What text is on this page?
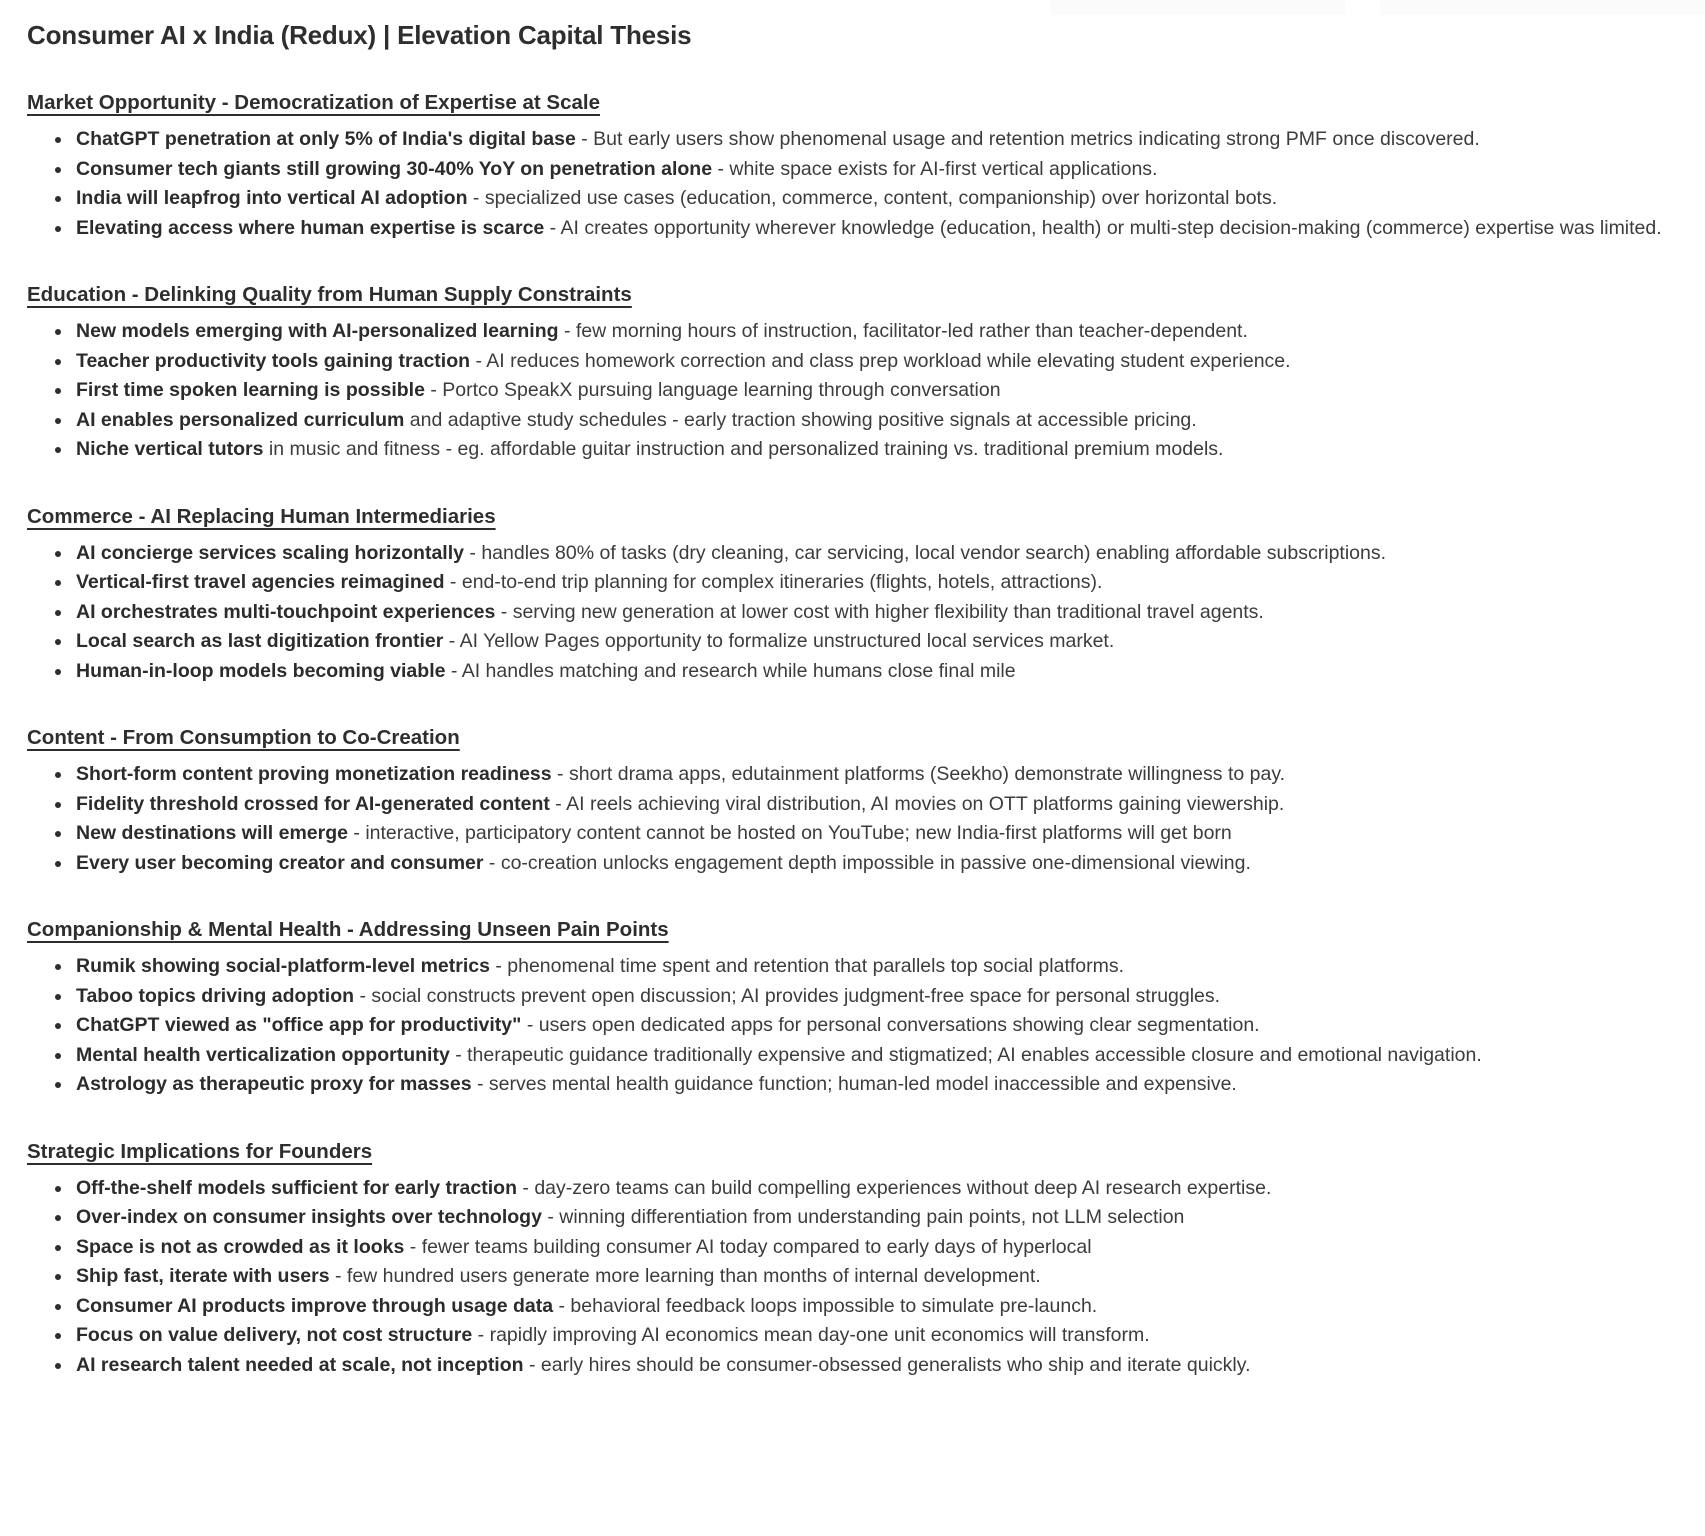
Consumer AI x India (Redux) | Elevation Capital Thesis
Market Opportunity - Democratization of Expertise at Scale
• ChatGPT penetration at only 5% of India's digital base - But early users show phenomenal usage and retention metrics indicating strong PMF once discovered.
• Consumer tech giants still growing 30-40% YoY on penetration alone - white space exists for AI-first vertical applications.
• India will leapfrog into vertical AI adoption - specialized use cases (education, commerce, content, companionship) over horizontal bots.
• Elevating access where human expertise is scarce - AI creates opportunity wherever knowledge (education, health) or multi-step decision-making (commerce) expertise was limited.
Education - Delinking Quality from Human Supply Constraints
• New models emerging with AI-personalized learning - few morning hours of instruction, facilitator-led rather than teacher-dependent.
• Teacher productivity tools gaining traction - AI reduces homework correction and class prep workload while elevating student experience.
• First time spoken learning is possible - Portco SpeakX pursuing language learning through conversation
• AI enables personalized curriculum and adaptive study schedules - early traction showing positive signals at accessible pricing.
• Niche vertical tutors in music and fitness - eg. affordable guitar instruction and personalized training vs. traditional premium models.
Commerce - AI Replacing Human Intermediaries
• AI concierge services scaling horizontally - handles 80% of tasks (dry cleaning, car servicing, local vendor search) enabling affordable subscriptions.
• Vertical-first travel agencies reimagined - end-to-end trip planning for complex itineraries (flights, hotels, attractions).
• AI orchestrates multi-touchpoint experiences - serving new generation at lower cost with higher flexibility than traditional travel agents.
• Local search as last digitization frontier - AI Yellow Pages opportunity to formalize unstructured local services market.
• Human-in-loop models becoming viable - AI handles matching and research while humans close final mile
Content - From Consumption to Co-Creation
• Short-form content proving monetization readiness - short drama apps, edutainment platforms (Seekho) demonstrate willingness to pay.
• Fidelity threshold crossed for AI-generated content - AI reels achieving viral distribution, AI movies on OTT platforms gaining viewership.
• New destinations will emerge - interactive, participatory content cannot be hosted on YouTube; new India-first platforms will get born
• Every user becoming creator and consumer - co-creation unlocks engagement depth impossible in passive one-dimensional viewing.
Companionship & Mental Health - Addressing Unseen Pain Points
• Rumik showing social-platform-level metrics - phenomenal time spent and retention that parallels top social platforms.
• Taboo topics driving adoption - social constructs prevent open discussion; AI provides judgment-free space for personal struggles.
• ChatGPT viewed as "office app for productivity" - users open dedicated apps for personal conversations showing clear segmentation.
• Mental health verticalization opportunity - therapeutic guidance traditionally expensive and stigmatized; AI enables accessible closure and emotional navigation.
• Astrology as therapeutic proxy for masses - serves mental health guidance function; human-led model inaccessible and expensive.
Strategic Implications for Founders
• Off-the-shelf models sufficient for early traction - day-zero teams can build compelling experiences without deep AI research expertise.
• Over-index on consumer insights over technology - winning differentiation from understanding pain points, not LLM selection
• Space is not as crowded as it looks - fewer teams building consumer AI today compared to early days of hyperlocal
• Ship fast, iterate with users - few hundred users generate more learning than months of internal development.
• Consumer AI products improve through usage data - behavioral feedback loops impossible to simulate pre-launch.
• Focus on value delivery, not cost structure - rapidly improving AI economics mean day-one unit economics will transform.
• AI research talent needed at scale, not inception - early hires should be consumer-obsessed generalists who ship and iterate quickly.
